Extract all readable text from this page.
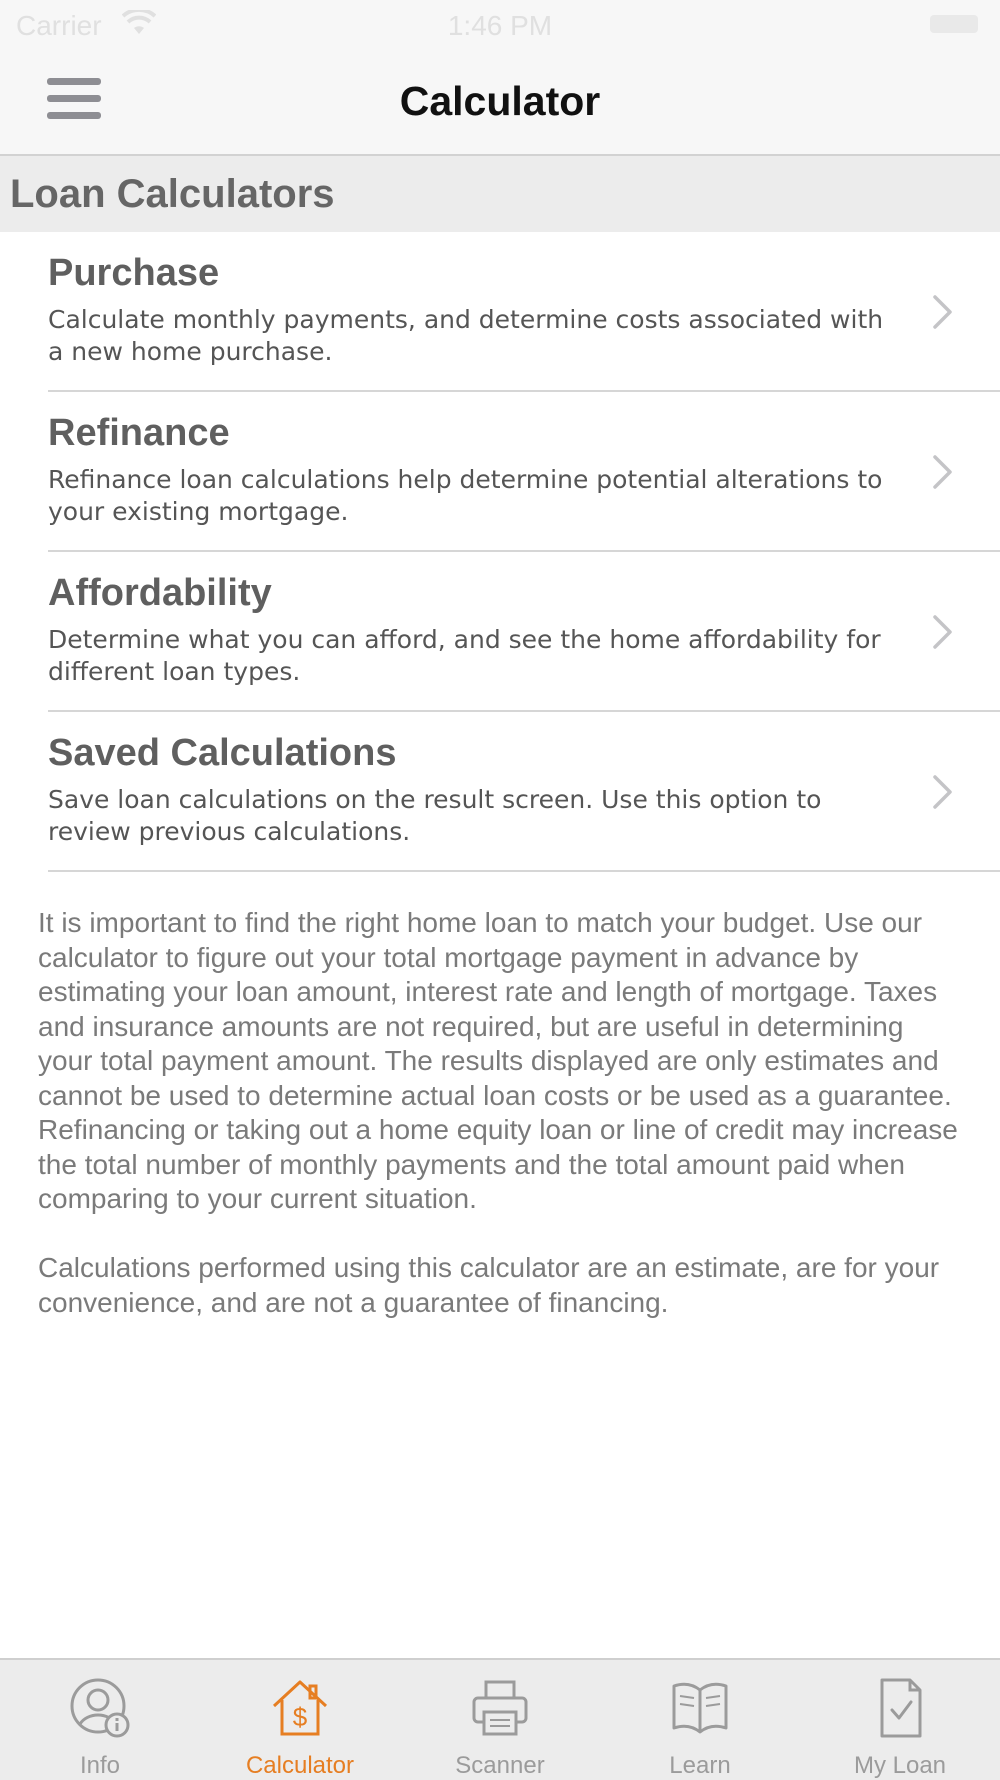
Carrier	1:46 PM
Calculator
Loan Calculators
Purchase
Calculate monthly payments, and determine costs associated with a new home purchase.
Refinance
Refinance loan calculations help determine potential alterations to your existing mortgage.
Affordability
Determine what you can afford, and see the home affordability for different loan types.
Saved Calculations
Save loan calculations on the result screen. Use this option to review previous calculations.

It is important to find the right home loan to match your budget. Use our calculator to figure out your total mortgage payment in advance by estimating your loan amount, interest rate and length of mortgage. Taxes and insurance amounts are not required, but are useful in determining your total payment amount. The results displayed are only estimates and cannot be used to determine actual loan costs or be used as a guarantee. Refinancing or taking out a home equity loan or line of credit may increase the total number of monthly payments and the total amount paid when comparing to your current situation.

Calculations performed using this calculator are an estimate, are for your convenience, and are not a guarantee of financing.

Info
$
Calculator	Scanner	Learn	My Loan
